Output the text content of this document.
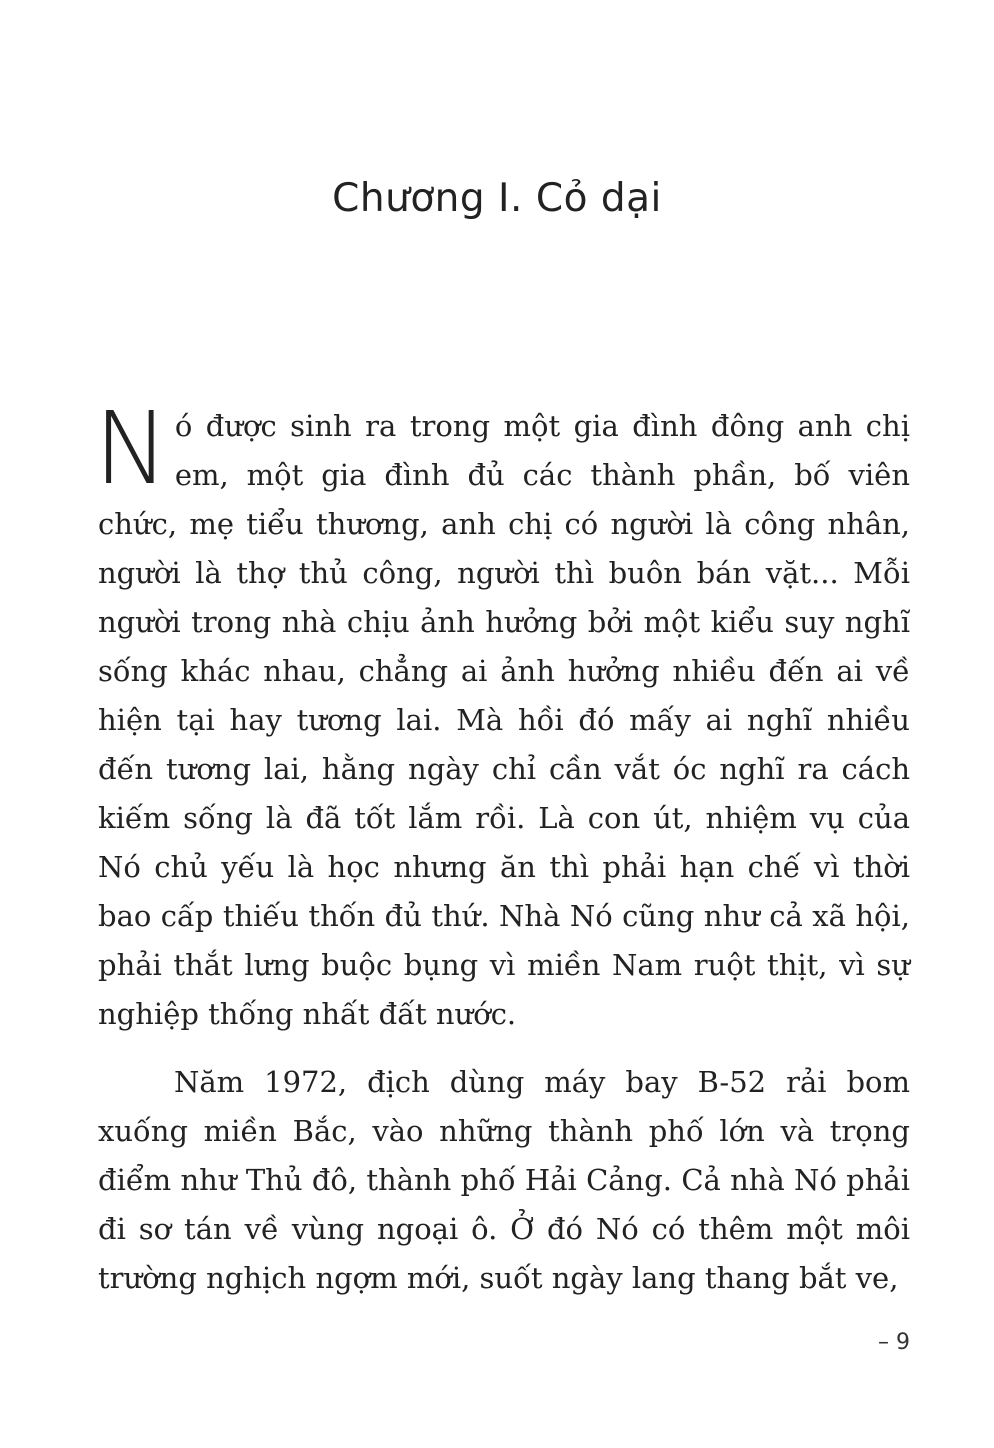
Chương I. Cỏ dại

Nó được sinh ra trong một gia đình đông anh chị em, một gia đình đủ các thành phần, bố viên chức, mẹ tiểu thương, anh chị có người là công nhân, người là thợ thủ công, người thì buôn bán vặt... Mỗi người trong nhà chịu ảnh hưởng bởi một kiểu suy nghĩ sống khác nhau, chẳng ai ảnh hưởng nhiều đến ai về hiện tại hay tương lai. Mà hồi đó mấy ai nghĩ nhiều đến tương lai, hằng ngày chỉ cần vắt óc nghĩ ra cách kiếm sống là đã tốt lắm rồi. Là con út, nhiệm vụ của Nó chủ yếu là học nhưng ăn thì phải hạn chế vì thời bao cấp thiếu thốn đủ thứ. Nhà Nó cũng như cả xã hội, phải thắt lưng buộc bụng vì miền Nam ruột thịt, vì sự nghiệp thống nhất đất nước.

Năm 1972, địch dùng máy bay B-52 rải bom xuống miền Bắc, vào những thành phố lớn và trọng điểm như Thủ đô, thành phố Hải Cảng. Cả nhà Nó phải đi sơ tán về vùng ngoại ô. Ở đó Nó có thêm một môi trường nghịch ngợm mới, suốt ngày lang thang bắt ve,

– 9
